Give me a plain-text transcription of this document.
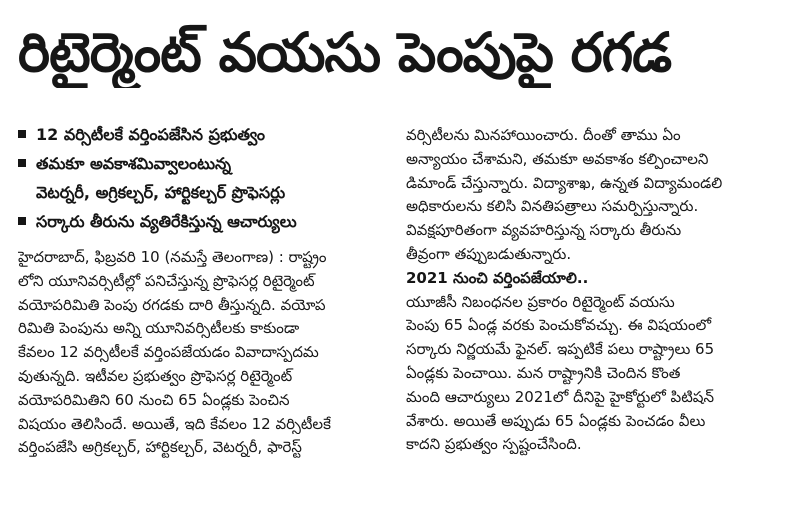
రిటైర్మెంట్ వయసు పెంపుపై రగడ
12 వర్సిటీలకే వర్తింపజేసిన ప్రభుత్వం
తమకూ అవకాశమివ్వాలంటున్న
వెటర్నరీ, అగ్రికల్చర్, హార్టికల్చర్ ప్రొఫెసర్లు
సర్కారు తీరును వ్యతిరేకిస్తున్న ఆచార్యులు
హైదరాబాద్, ఫిబ్రవరి 10 (నమస్తే తెలంగాణ) : రాష్ట్రం
లోని యూనివర్సిటీల్లో పనిచేస్తున్న ప్రొఫెసర్ల రిటైర్మెంట్
వయోపరిమితి పెంపు రగడకు దారి తీస్తున్నది. వయోప
రిమితి పెంపును అన్ని యూనివర్సిటీలకు కాకుండా
కేవలం 12 వర్సిటీలకే వర్తింపజేయడం వివాదాస్పదమ
వుతున్నది. ఇటీవల ప్రభుత్వం ప్రొఫెసర్ల రిటైర్మెంట్
వయోపరిమితిని 60 నుంచి 65 ఏండ్లకు పెంచిన
విషయం తెలిసిందే. అయితే, ఇది కేవలం 12 వర్సిటీలకే
వర్తింపజేసి అగ్రికల్చర్, హార్టికల్చర్, వెటర్నరీ, ఫారెస్ట్
వర్సిటీలను మినహాయించారు. దీంతో తాము ఏం
అన్యాయం చేశామని, తమకూ అవకాశం కల్పించాలని
డిమాండ్ చేస్తున్నారు. విద్యాశాఖ, ఉన్నత విద్యామండలి
అధికారులను కలిసి వినతిపత్రాలు సమర్పిస్తున్నారు.
వివక్షపూరితంగా వ్యవహరిస్తున్న సర్కారు తీరును
తీవ్రంగా తప్పుబడుతున్నారు.
2021 నుంచి వర్తింపజేయాలి..
యూజీసీ నిబంధనల ప్రకారం రిటైర్మెంట్ వయసు
పెంపు 65 ఏండ్ల వరకు పెంచుకోవచ్చు. ఈ విషయంలో
సర్కారు నిర్ణయమే ఫైనల్. ఇప్పటికే పలు రాష్ట్రాలు 65
ఏండ్లకు పెంచాయి. మన రాష్ట్రానికి చెందిన కొంత
మంది ఆచార్యులు 2021లో దీనిపై హైకోర్టులో పిటిషన్
వేశారు. అయితే అప్పుడు 65 ఏండ్లకు పెంచడం వీలు
కాదని ప్రభుత్వం స్పష్టంచేసింది.
